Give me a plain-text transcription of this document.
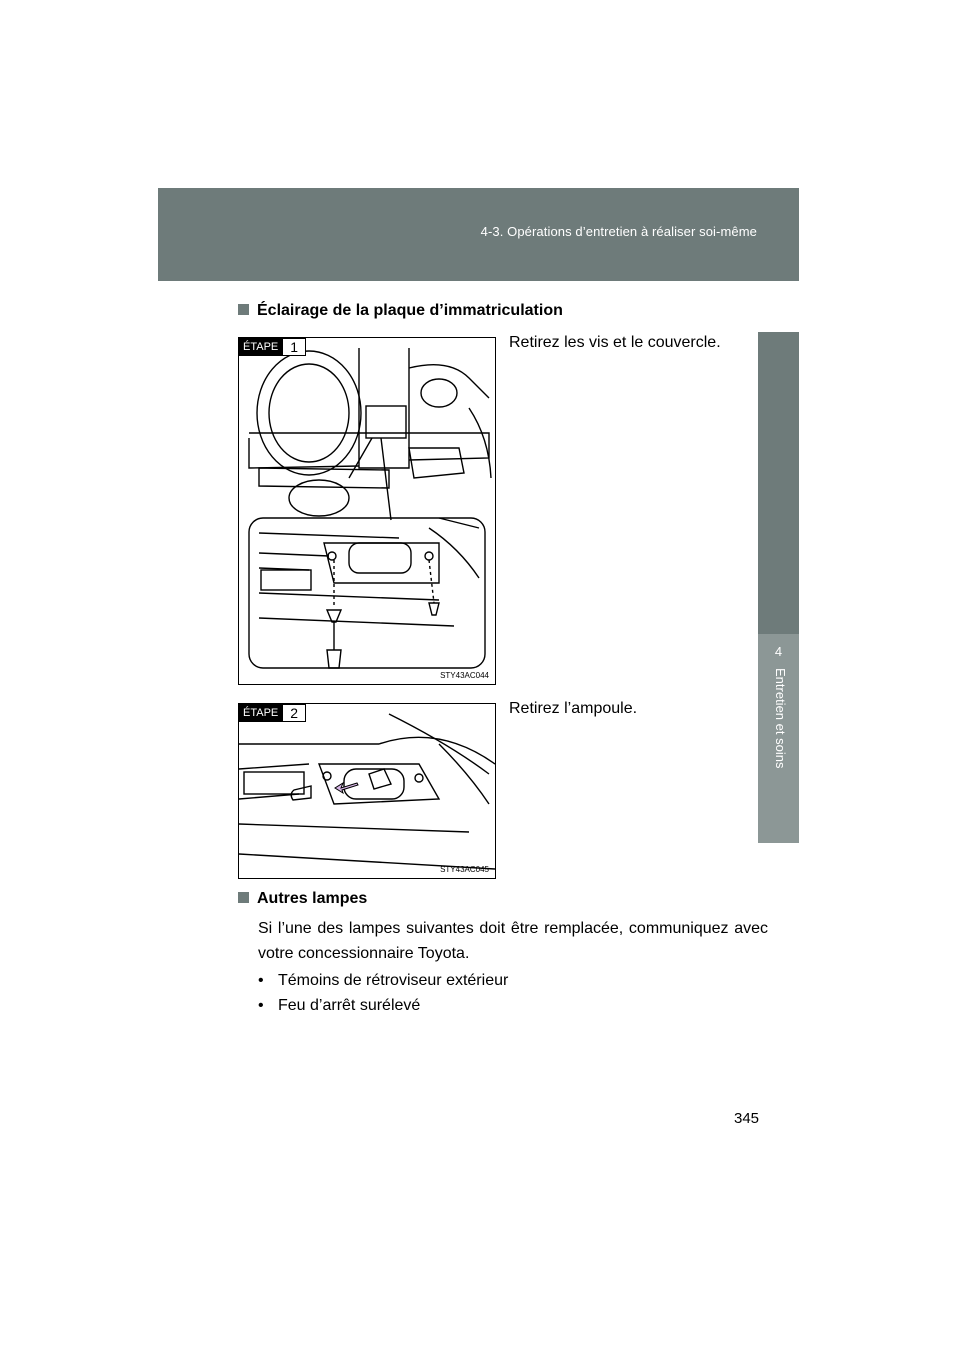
4-3. Opérations d’entretien à réaliser soi-même
4
Entretien et soins
Éclairage de la plaque d’immatriculation
ÉTAPE 1
STY43AC044
Retirez les vis et le couvercle.
ÉTAPE 2
STY43AC045
Retirez l’ampoule.
Autres lampes
Si l’une des lampes suivantes doit être remplacée, communiquez avec votre concessionnaire Toyota.
• Témoins de rétroviseur extérieur
• Feu d’arrêt surélevé
345
